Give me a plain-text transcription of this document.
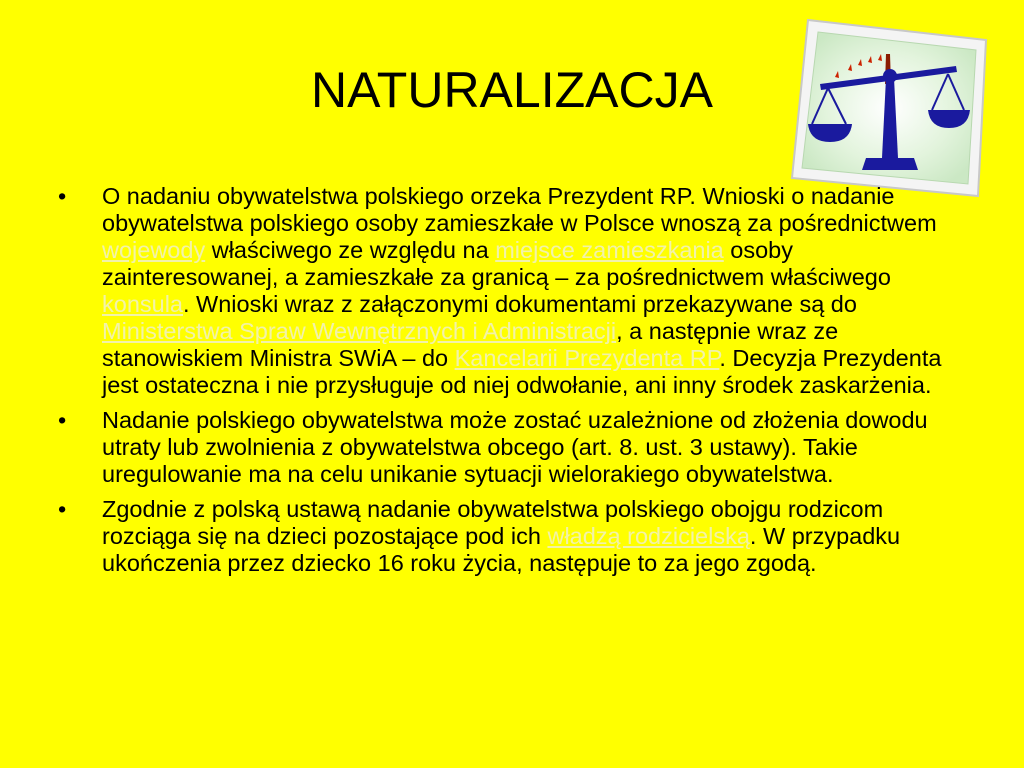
NATURALIZACJA
•	O nadaniu obywatelstwa polskiego orzeka Prezydent RP. Wnioski o nadanie obywatelstwa polskiego osoby zamieszkałe w Polsce wnoszą za pośrednictwem wojewody właściwego ze względu na miejsce zamieszkania osoby zainteresowanej, a zamieszkałe za granicą – za pośrednictwem właściwego konsula. Wnioski wraz z załączonymi dokumentami przekazywane są do Ministerstwa Spraw Wewnętrznych i Administracji, a następnie wraz ze stanowiskiem Ministra SWiA – do Kancelarii Prezydenta RP. Decyzja Prezydenta jest ostateczna i nie przysługuje od niej odwołanie, ani inny środek zaskarżenia.
•	Nadanie polskiego obywatelstwa może zostać uzależnione od złożenia dowodu utraty lub zwolnienia z obywatelstwa obcego (art. 8. ust. 3 ustawy). Takie uregulowanie ma na celu unikanie sytuacji wielorakiego obywatelstwa.
•	Zgodnie z polską ustawą nadanie obywatelstwa polskiego obojgu rodzicom rozciąga się na dzieci pozostające pod ich władzą rodzicielską. W przypadku ukończenia przez dziecko 16 roku życia, następuje to za jego zgodą.
